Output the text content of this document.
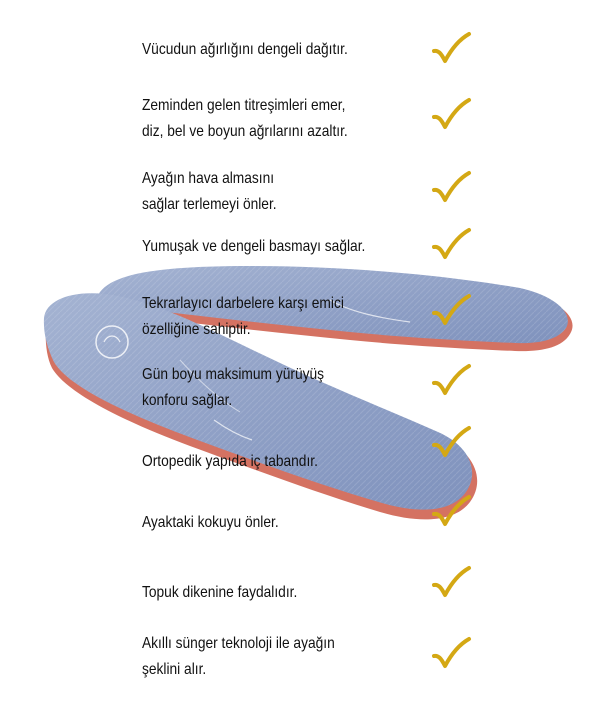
Vücudun ağırlığını dengeli dağıtır.
Zeminden gelen titreşimleri emer,
diz, bel ve boyun ağrılarını azaltır.
Ayağın hava almasını
sağlar terlemeyi önler.
Yumuşak ve dengeli basmayı sağlar.
Tekrarlayıcı darbelere karşı emici
özelliğine sahiptir.
Gün boyu maksimum yürüyüş
konforu sağlar.
Ortopedik yapıda iç tabandır.
Ayaktaki kokuyu önler.
Topuk dikenine faydalıdır.
Akıllı sünger teknoloji ile ayağın
şeklini alır.
